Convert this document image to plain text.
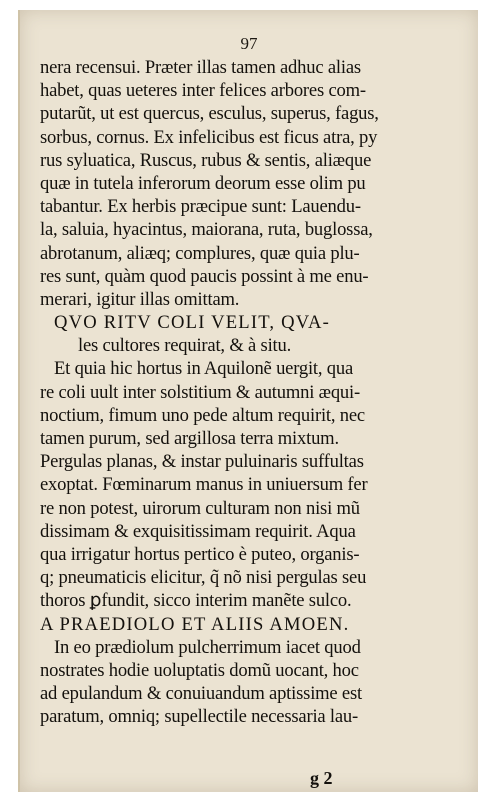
97
nera recensui. Præter illas tamen adhuc alias
habet, quas ueteres inter felices arbores com-
putarũt, ut est quercus, esculus, superus, fagus,
sorbus, cornus. Ex infelicibus est ficus atra, py
rus syluatica, Ruscus, rubus & sentis, aliæque
quæ in tutela inferorum deorum esse olim pu
tabantur. Ex herbis præcipue sunt: Lauendu-
la, saluia, hyacintus, maiorana, ruta, buglossa,
abrotanum, aliæq; complures, quæ quia plu-
res sunt, quàm quod paucis possint à me enu-
merari, igitur illas omittam.
QVO RITV COLI VELIT, QVA-
les cultores requirat, & à situ.
Et quia hic hortus in Aquilonẽ uergit, qua
re coli uult inter solstitium & autumni æqui-
noctium, fimum uno pede altum requirit, nec
tamen purum, sed argillosa terra mixtum.
Pergulas planas, & instar puluinaris suffultas
exoptat. Fœminarum manus in uniuersum fer
re non potest, uirorum culturam non nisi mũ
dissimam & exquisitissimam requirit. Aqua
qua irrigatur hortus pertico è puteo, organis-
q; pneumaticis elicitur, q̃ nõ nisi pergulas seu
thoros ꝑfundit, sicco interim manẽte sulco.
A PRAEDIOLO ET ALIIS AMOEN.
In eo prædiolum pulcherrimum iacet quod
nostrates hodie uoluptatis domũ uocant, hoc
ad epulandum & conuiuandum aptissime est
paratum, omniq; supellectile necessaria lau-
g 2
